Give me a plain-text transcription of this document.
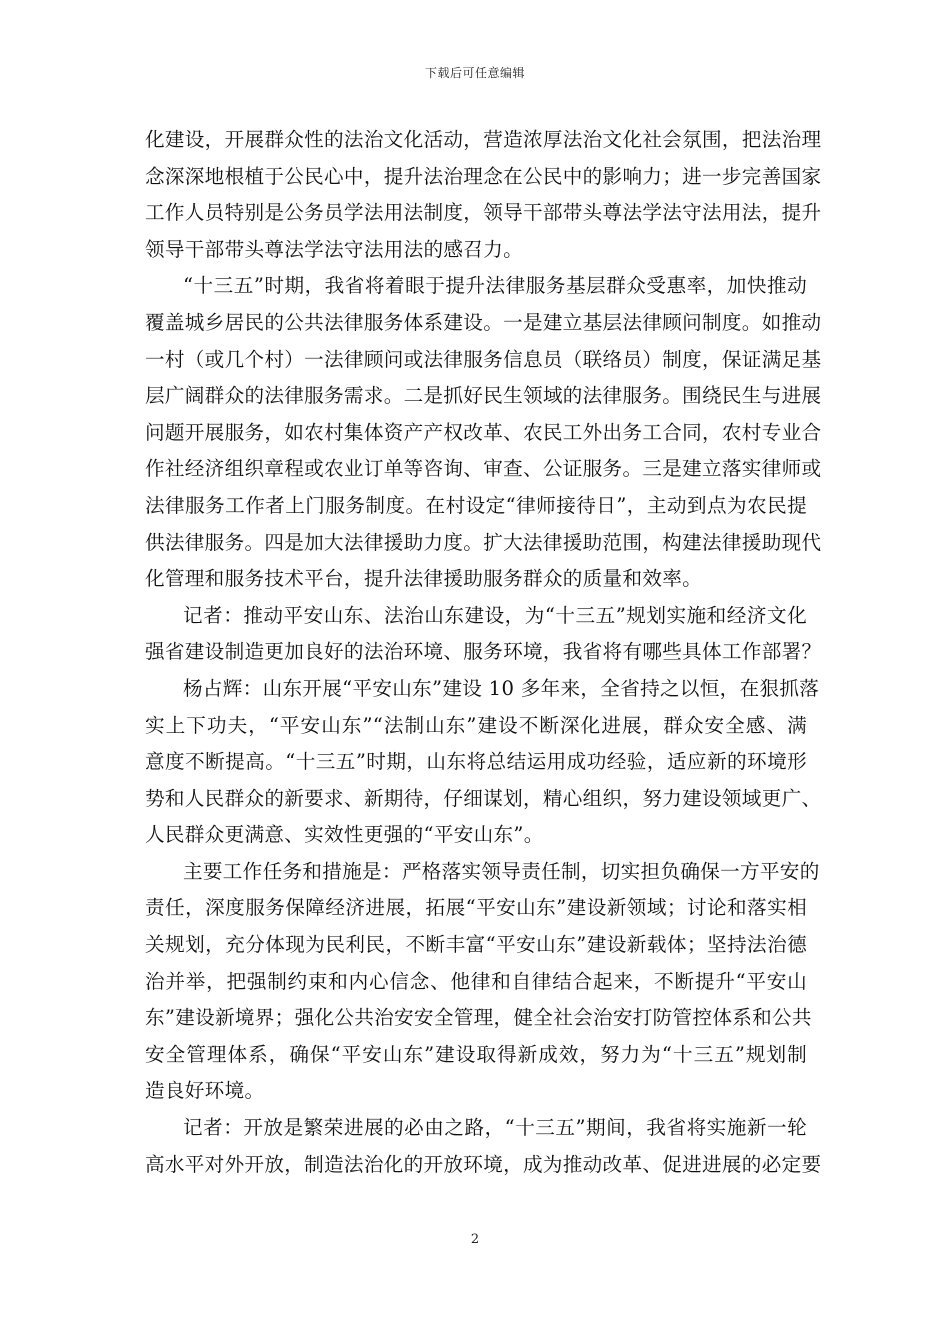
下载后可任意编辑
化建设，开展群众性的法治文化活动，营造浓厚法治文化社会氛围，把法治理
念深深地根植于公民心中，提升法治理念在公民中的影响力；进一步完善国家
工作人员特别是公务员学法用法制度，领导干部带头尊法学法守法用法，提升
领导干部带头尊法学法守法用法的感召力。
“十三五”时期，我省将着眼于提升法律服务基层群众受惠率，加快推动
覆盖城乡居民的公共法律服务体系建设。一是建立基层法律顾问制度。如推动
一村（或几个村）一法律顾问或法律服务信息员（联络员）制度，保证满足基
层广阔群众的法律服务需求。二是抓好民生领域的法律服务。围绕民生与进展
问题开展服务，如农村集体资产产权改革、农民工外出务工合同，农村专业合
作社经济组织章程或农业订单等咨询、审查、公证服务。三是建立落实律师或
法律服务工作者上门服务制度。在村设定“律师接待日”，主动到点为农民提
供法律服务。四是加大法律援助力度。扩大法律援助范围，构建法律援助现代
化管理和服务技术平台，提升法律援助服务群众的质量和效率。
记者：推动平安山东、法治山东建设，为“十三五”规划实施和经济文化
强省建设制造更加良好的法治环境、服务环境，我省将有哪些具体工作部署？
杨占辉：山东开展“平安山东”建设 10 多年来，全省持之以恒，在狠抓落
实上下功夫，“平安山东”“法制山东”建设不断深化进展，群众安全感、满
意度不断提高。“十三五”时期，山东将总结运用成功经验，适应新的环境形
势和人民群众的新要求、新期待，仔细谋划，精心组织，努力建设领域更广、
人民群众更满意、实效性更强的“平安山东”。
主要工作任务和措施是：严格落实领导责任制，切实担负确保一方平安的
责任，深度服务保障经济进展，拓展“平安山东”建设新领域；讨论和落实相
关规划，充分体现为民利民，不断丰富“平安山东”建设新载体；坚持法治德
治并举，把强制约束和内心信念、他律和自律结合起来，不断提升“平安山
东”建设新境界；强化公共治安安全管理，健全社会治安打防管控体系和公共
安全管理体系，确保“平安山东”建设取得新成效，努力为“十三五”规划制
造良好环境。
记者：开放是繁荣进展的必由之路，“十三五”期间，我省将实施新一轮
高水平对外开放，制造法治化的开放环境，成为推动改革、促进进展的必定要
2
